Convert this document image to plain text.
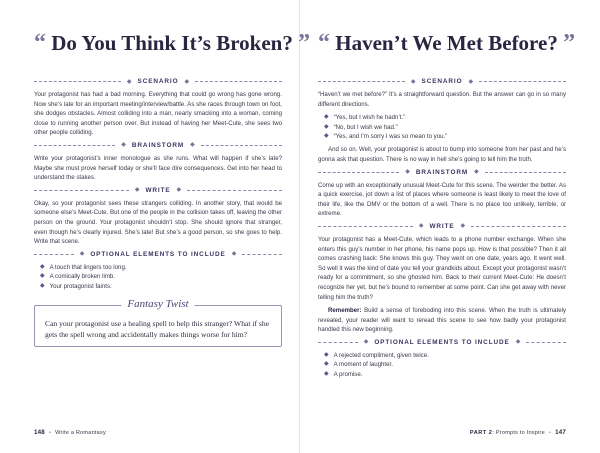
“ Do You Think It’s Broken? ”
◆ SCENARIO ◆

Your protagonist has had a bad morning. Everything that could go wrong has gone wrong. Now she’s late for an important meeting/interview/battle. As she races through town on foot, she dodges obstacles. Almost colliding into a man, nearly smacking into a woman, coming close to running another person over. But instead of having her Meet-Cute, she sees two other people colliding.

◆ BRAINSTORM ◆

Write your protagonist’s inner monologue as she runs. What will happen if she’s late? Maybe she must prove herself today or she’ll face dire consequences. Get into her head to understand the stakes.

◆ WRITE ◆

Okay, so your protagonist sees these strangers colliding. In another story, that would be someone else’s Meet-Cute. But one of the people in the collision takes off, leaving the other person on the ground. Your protagonist shouldn’t stop. She should ignore that stranger, even though he’s clearly injured. She’s late! But she’s a good person, so she goes to help. Write that scene.

◆ OPTIONAL ELEMENTS TO INCLUDE ◆
◆ A touch that lingers too long.
◆ A comically broken limb.
◆ Your protagonist faints.
Fantasy Twist

Can your protagonist use a healing spell to help this stranger? What if she gets the spell wrong and accidentally makes things worse for him?

148 • Write a Romantasy
“ Haven’t We Met Before? ”
◆ SCENARIO ◆

“Haven’t we met before?” It’s a straightforward question. But the answer can go in so many different directions.

◆ “Yes, but I wish he hadn’t.”
◆ “No, but I wish we had.”
◆ “Yes, and I’m sorry I was so mean to you.”

And so on. Well, your protagonist is about to bump into someone from her past and he’s gonna ask that question. There is no way in hell she’s going to tell him the truth.

◆ BRAINSTORM ◆

Come up with an exceptionally unusual Meet-Cute for this scene. The weirder the better. As a quick exercise, jot down a list of places where someone is least likely to meet the love of their life, like the DMV or the bottom of a well. There is no place too unlikely, terrible, or extreme.

◆ WRITE ◆

Your protagonist has a Meet-Cute, which leads to a phone number exchange. When she enters this guy’s number in her phone, his name pops up. How is that possible? Then it all comes crashing back: She knows this guy. They went on one date, years ago. It went well. So well it was the kind of date you tell your grandkids about. Except your protagonist wasn’t ready for a commitment, so she ghosted him. Back to their current Meet-Cute: He doesn’t recognize her yet, but he’s bound to remember at some point. Can she get away with never telling him the truth?

Remember: Build a sense of foreboding into this scene. When the truth is ultimately revealed, your reader will want to reread this scene to see how badly your protagonist handled this new beginning.

◆ OPTIONAL ELEMENTS TO INCLUDE ◆
◆ A rejected compliment, given twice.
◆ A moment of laughter.
◆ A promise.
PART 2: Prompts to Inspire • 147
